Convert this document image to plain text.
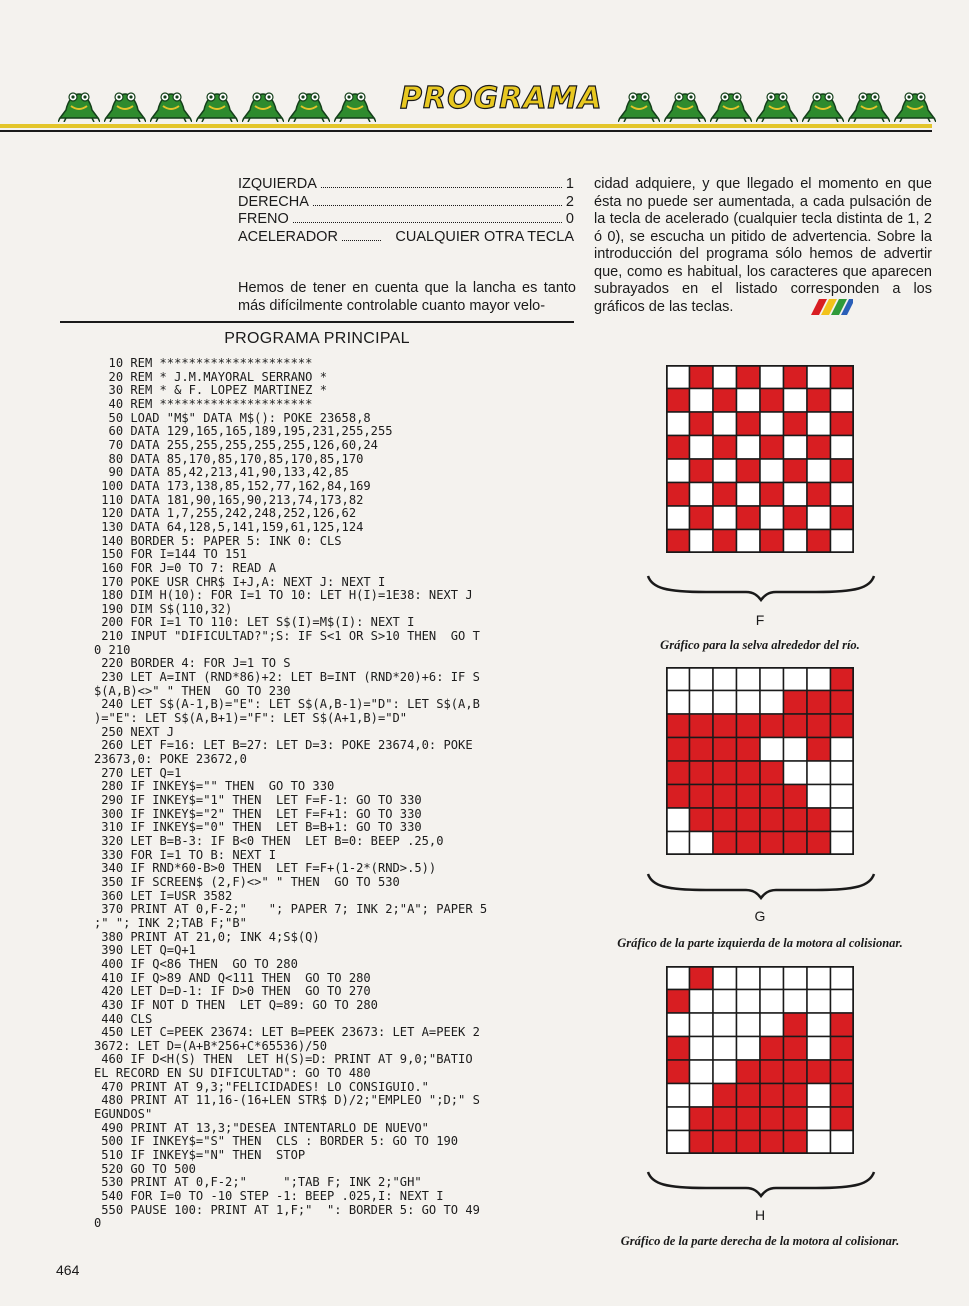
PROGRAMA
IZQUIERDA	1
DERECHA	2
FRENO	0
ACELERADOR	CUALQUIER OTRA TECLA
Hemos de tener en cuenta que la lancha es tanto más difícilmente controlable cuanto mayor velo-
cidad adquiere, y que llegado el momento en que ésta no puede ser aumentada, a cada pulsación de la tecla de acelerado (cualquier tecla distinta de 1, 2 ó 0), se escucha un pitido de advertencia. Sobre la introducción del programa sólo hemos de advertir que, como es habitual, los caracteres que aparecen subrayados en el listado corresponden a los gráficos de las teclas.
PROGRAMA PRINCIPAL
10 REM *********************
20 REM * J.M.MAYORAL SERRANO *
30 REM * & F. LOPEZ MARTINEZ *
40 REM *********************
50 LOAD "M$" DATA M$(): POKE 23658,8
60 DATA 129,165,165,189,195,231,255,255
70 DATA 255,255,255,255,255,126,60,24
80 DATA 85,170,85,170,85,170,85,170
90 DATA 85,42,213,41,90,133,42,85
100 DATA 173,138,85,152,77,162,84,169
110 DATA 181,90,165,90,213,74,173,82
120 DATA 1,7,255,242,248,252,126,62
130 DATA 64,128,5,141,159,61,125,124
140 BORDER 5: PAPER 5: INK 0: CLS
150 FOR I=144 TO 151
160 FOR J=0 TO 7: READ A
170 POKE USR CHR$ I+J,A: NEXT J: NEXT I
180 DIM H(10): FOR I=1 TO 10: LET H(I)=1E38: NEXT J
190 DIM S$(110,32)
200 FOR I=1 TO 110: LET S$(I)=M$(I): NEXT I
210 INPUT "DIFICULTAD?";S: IF S<1 OR S>10 THEN  GO T
0 210
220 BORDER 4: FOR J=1 TO S
230 LET A=INT (RND*86)+2: LET B=INT (RND*20)+6: IF S
$(A,B)<>" " THEN  GO TO 230
240 LET S$(A-1,B)="E": LET S$(A,B-1)="D": LET S$(A,B
)="E": LET S$(A,B+1)="F": LET S$(A+1,B)="D"
250 NEXT J
260 LET F=16: LET B=27: LET D=3: POKE 23674,0: POKE
23673,0: POKE 23672,0
270 LET Q=1
280 IF INKEY$="" THEN  GO TO 330
290 IF INKEY$="1" THEN  LET F=F-1: GO TO 330
300 IF INKEY$="2" THEN  LET F=F+1: GO TO 330
310 IF INKEY$="0" THEN  LET B=B+1: GO TO 330
320 LET B=B-3: IF B<0 THEN  LET B=0: BEEP .25,0
330 FOR I=1 TO B: NEXT I
340 IF RND*60-B>0 THEN  LET F=F+(1-2*(RND>.5))
350 IF SCREEN$ (2,F)<>" " THEN  GO TO 530
360 LET I=USR 3582
370 PRINT AT 0,F-2;"   "; PAPER 7; INK 2;"A"; PAPER 5
;" "; INK 2;TAB F;"B"
380 PRINT AT 21,0; INK 4;S$(Q)
390 LET Q=Q+1
400 IF Q<86 THEN  GO TO 280
410 IF Q>89 AND Q<111 THEN  GO TO 280
420 LET D=D-1: IF D>0 THEN  GO TO 270
430 IF NOT D THEN  LET Q=89: GO TO 280
440 CLS
450 LET C=PEEK 23674: LET B=PEEK 23673: LET A=PEEK 2
3672: LET D=(A+B*256+C*65536)/50
460 IF D<H(S) THEN  LET H(S)=D: PRINT AT 9,0;"BATIO
EL RECORD EN SU DIFICULTAD": GO TO 480
470 PRINT AT 9,3;"FELICIDADES! LO CONSIGUIO."
480 PRINT AT 11,16-(16+LEN STR$ D)/2;"EMPLEO ";D;" S
EGUNDOS"
490 PRINT AT 13,3;"DESEA INTENTARLO DE NUEVO"
500 IF INKEY$="S" THEN  CLS : BORDER 5: GO TO 190
510 IF INKEY$="N" THEN  STOP
520 GO TO 500
530 PRINT AT 0,F-2;"     ";TAB F; INK 2;"GH"
540 FOR I=0 TO -10 STEP -1: BEEP .025,I: NEXT I
550 PAUSE 100: PRINT AT 1,F;"  ": BORDER 5: GO TO 49
0
464
F
Gráfico para la selva alrededor del río.
G
Gráfico de la parte izquierda de la motora al colisionar.
H
Gráfico de la parte derecha de la motora al colisionar.
